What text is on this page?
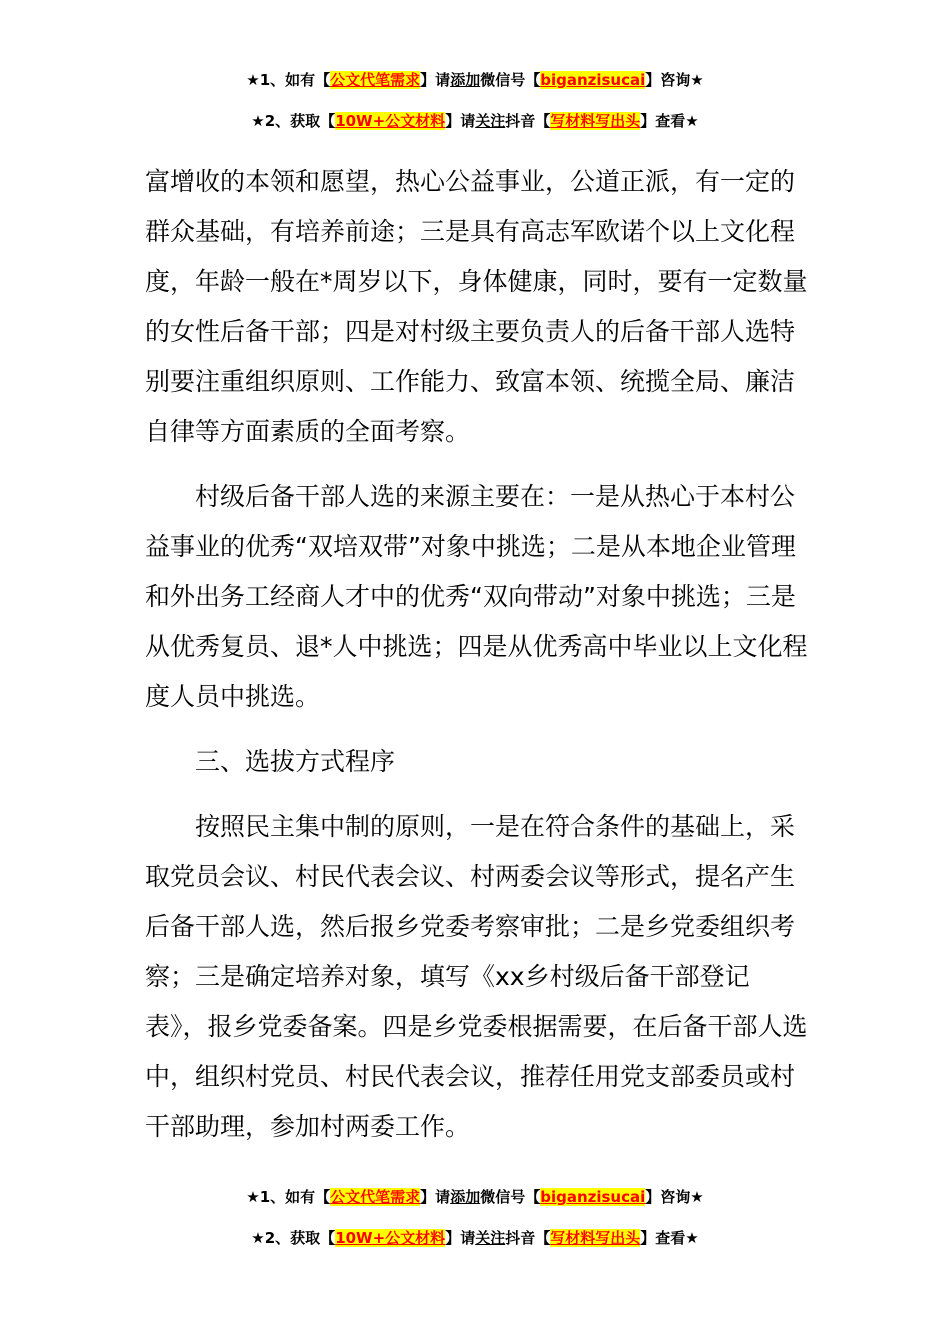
★1、如有【公文代笔需求】请添加微信号【biganzisucai】咨询★
★2、获取【10W+公文材料】请关注抖音【写材料写出头】查看★

富增收的本领和愿望，热心公益事业，公道正派，有一定的群众基础，有培养前途；三是具有高志军欧诺个以上文化程度，年龄一般在*周岁以下，身体健康，同时，要有一定数量的女性后备干部；四是对村级主要负责人的后备干部人选特别要注重组织原则、工作能力、致富本领、统揽全局、廉洁自律等方面素质的全面考察。

村级后备干部人选的来源主要在：一是从热心于本村公益事业的优秀“双培双带”对象中挑选；二是从本地企业管理和外出务工经商人才中的优秀“双向带动”对象中挑选；三是从优秀复员、退*人中挑选；四是从优秀高中毕业以上文化程度人员中挑选。

三、选拔方式程序

按照民主集中制的原则，一是在符合条件的基础上，采取党员会议、村民代表会议、村两委会议等形式，提名产生后备干部人选，然后报乡党委考察审批；二是乡党委组织考察；三是确定培养对象，填写《xx乡村级后备干部登记表》，报乡党委备案。四是乡党委根据需要，在后备干部人选中，组织村党员、村民代表会议，推荐任用党支部委员或村干部助理，参加村两委工作。

★1、如有【公文代笔需求】请添加微信号【biganzisucai】咨询★
★2、获取【10W+公文材料】请关注抖音【写材料写出头】查看★
